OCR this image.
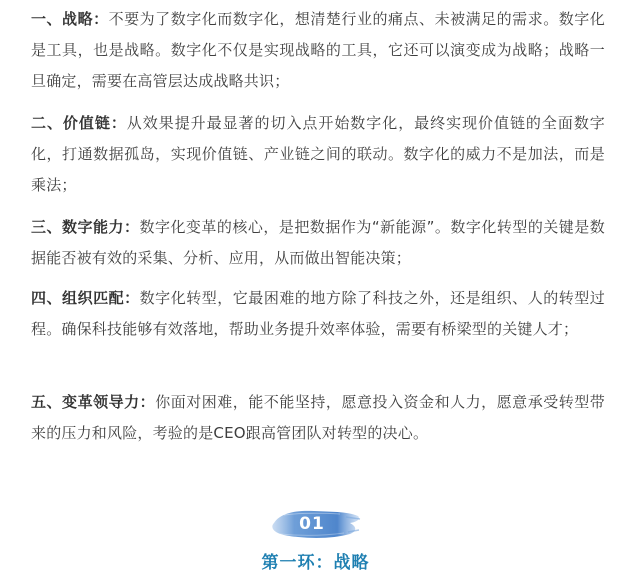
一、战略：不要为了数字化而数字化，想清楚行业的痛点、未被满足的需求。数字化是工具，也是战略。数字化不仅是实现战略的工具，它还可以演变成为战略；战略一旦确定，需要在高管层达成战略共识；

二、价值链：从效果提升最显著的切入点开始数字化，最终实现价值链的全面数字化，打通数据孤岛，实现价值链、产业链之间的联动。数字化的威力不是加法，而是乘法；

三、数字能力：数字化变革的核心，是把数据作为“新能源”。数字化转型的关键是数据能否被有效的采集、分析、应用，从而做出智能决策；

四、组织匹配：数字化转型，它最困难的地方除了科技之外，还是组织、人的转型过程。确保科技能够有效落地，帮助业务提升效率体验，需要有桥梁型的关键人才；

五、变革领导力：你面对困难，能不能坚持，愿意投入资金和人力，愿意承受转型带来的压力和风险，考验的是CEO跟高管团队对转型的决心。

01
第一环：战略
